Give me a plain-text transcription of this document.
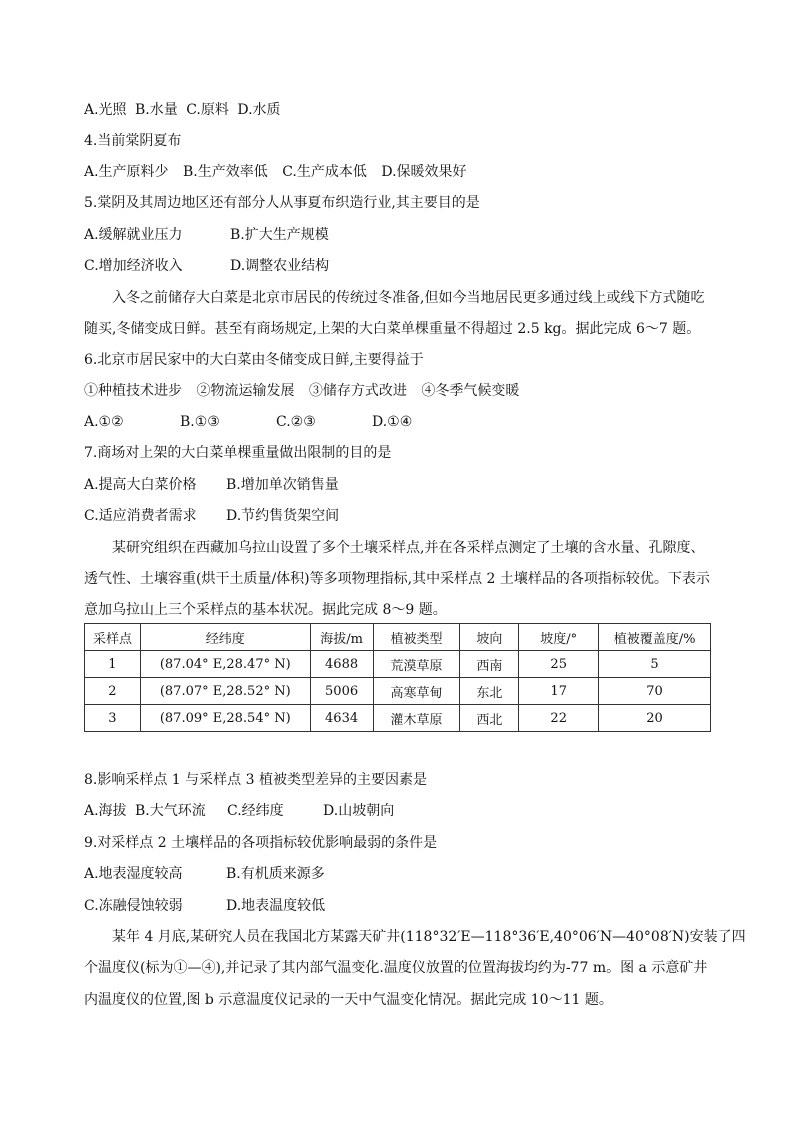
A.光照 B.水量 C.原料 D.水质
4.当前棠阴夏布
A.生产原料少 B.生产效率低 C.生产成本低 D.保暖效果好
5.棠阴及其周边地区还有部分人从事夏布织造行业,其主要目的是
A.缓解就业压力	B.扩大生产规模
C.增加经济收入	D.调整农业结构
入冬之前储存大白菜是北京市居民的传统过冬准备,但如今当地居民更多通过线上或线下方式随吃
随买,冬储变成日鲜。甚至有商场规定,上架的大白菜单棵重量不得超过 2.5 kg。据此完成 6～7 题。
6.北京市居民家中的大白菜由冬储变成日鲜,主要得益于
①种植技术进步 ②物流运输发展 ③储存方式改进 ④冬季气候变暖
A.①②	B.①③	C.②③	D.①④
7.商场对上架的大白菜单棵重量做出限制的目的是
A.提高大白菜价格 B.增加单次销售量
C.适应消费者需求 D.节约售货架空间
某研究组织在西藏加乌拉山设置了多个土壤采样点,并在各采样点测定了土壤的含水量、孔隙度、
透气性、土壤容重(烘干土质量/体积)等多项物理指标,其中采样点 2 土壤样品的各项指标较优。下表示
意加乌拉山上三个采样点的基本状况。据此完成 8～9 题。
采样点	经纬度	海拔/m	植被类型	坡向	坡度/°	植被覆盖度/%
1	(87.04° E,28.47° N)	4688	荒漠草原	西南	25	5
2	(87.07° E,28.52° N)	5006	高寒草甸	东北	17	70
3	(87.09° E,28.54° N)	4634	灌木草原	西北	22	20
8.影响采样点 1 与采样点 3 植被类型差异的主要因素是
A.海拔 B.大气环流 C.经纬度	D.山坡朝向
9.对采样点 2 土壤样品的各项指标较优影响最弱的条件是
A.地表湿度较高	B.有机质来源多
C.冻融侵蚀较弱	D.地表温度较低
某年 4 月底,某研究人员在我国北方某露天矿井(118°32′E—118°36′E,40°06′N—40°08′N)安装了四
个温度仪(标为①—④),并记录了其内部气温变化.温度仪放置的位置海拔均约为-77 m。图 a 示意矿井
内温度仪的位置,图 b 示意温度仪记录的一天中气温变化情况。据此完成 10～11 题。
